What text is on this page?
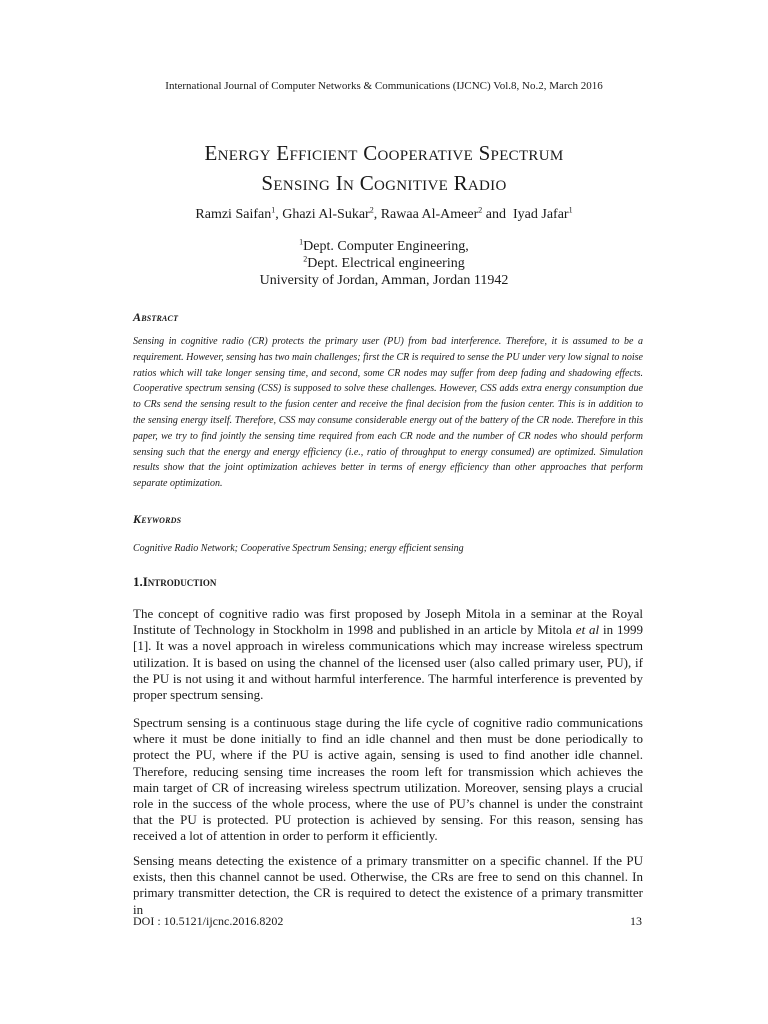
International Journal of Computer Networks & Communications (IJCNC) Vol.8, No.2, March 2016
Energy Efficient Cooperative Spectrum
Sensing In Cognitive Radio
Ramzi Saifan$^1$, Ghazi Al-Sukar$^2$, Rawaa Al-Ameer$^2$ and  Iyad Jafar$^1$
$^1$Dept. Computer Engineering,
$^2$Dept. Electrical engineering
University of Jordan, Amman, Jordan 11942
Abstract
Sensing in cognitive radio (CR) protects the primary user (PU) from bad interference. Therefore, it is assumed to be a requirement. However, sensing has two main challenges; first the CR is required to sense the PU under very low signal to noise ratios which will take longer sensing time, and second, some CR nodes may suffer from deep fading and shadowing effects. Cooperative spectrum sensing (CSS) is supposed to solve these challenges. However, CSS adds extra energy consumption due to CRs send the sensing result to the fusion center and receive the final decision from the fusion center. This is in addition to the sensing energy itself. Therefore, CSS may consume considerable energy out of the battery of the CR node. Therefore in this paper, we try to find jointly the sensing time required from each CR node and the number of CR nodes who should perform sensing such that the energy and energy efficiency (i.e., ratio of throughput to energy consumed) are optimized. Simulation results show that the joint optimization achieves better in terms of energy efficiency than other approaches that perform separate optimization.
Keywords
Cognitive Radio Network; Cooperative Spectrum Sensing; energy efficient sensing
1.Introduction
The concept of cognitive radio was first proposed by Joseph Mitola in a seminar at the Royal Institute of Technology in Stockholm in 1998 and published in an article by Mitola et al in 1999 [1]. It was a novel approach in wireless communications which may increase wireless spectrum utilization. It is based on using the channel of the licensed user (also called primary user, PU), if the PU is not using it and without harmful interference. The harmful interference is prevented by proper spectrum sensing.
Spectrum sensing is a continuous stage during the life cycle of cognitive radio communications where it must be done initially to find an idle channel and then must be done periodically to protect the PU, where if the PU is active again, sensing is used to find another idle channel. Therefore, reducing sensing time increases the room left for transmission which achieves the main target of CR of increasing wireless spectrum utilization. Moreover, sensing plays a crucial role in the success of the whole process, where the use of PU’s channel is under the constraint that the PU is protected. PU protection is achieved by sensing. For this reason, sensing has received a lot of attention in order to perform it efficiently.
Sensing means detecting the existence of a primary transmitter on a specific channel. If the PU exists, then this channel cannot be used. Otherwise, the CRs are free to send on this channel. In primary transmitter detection, the CR is required to detect the existence of a primary transmitter in
DOI : 10.5121/ijcnc.2016.8202	13
